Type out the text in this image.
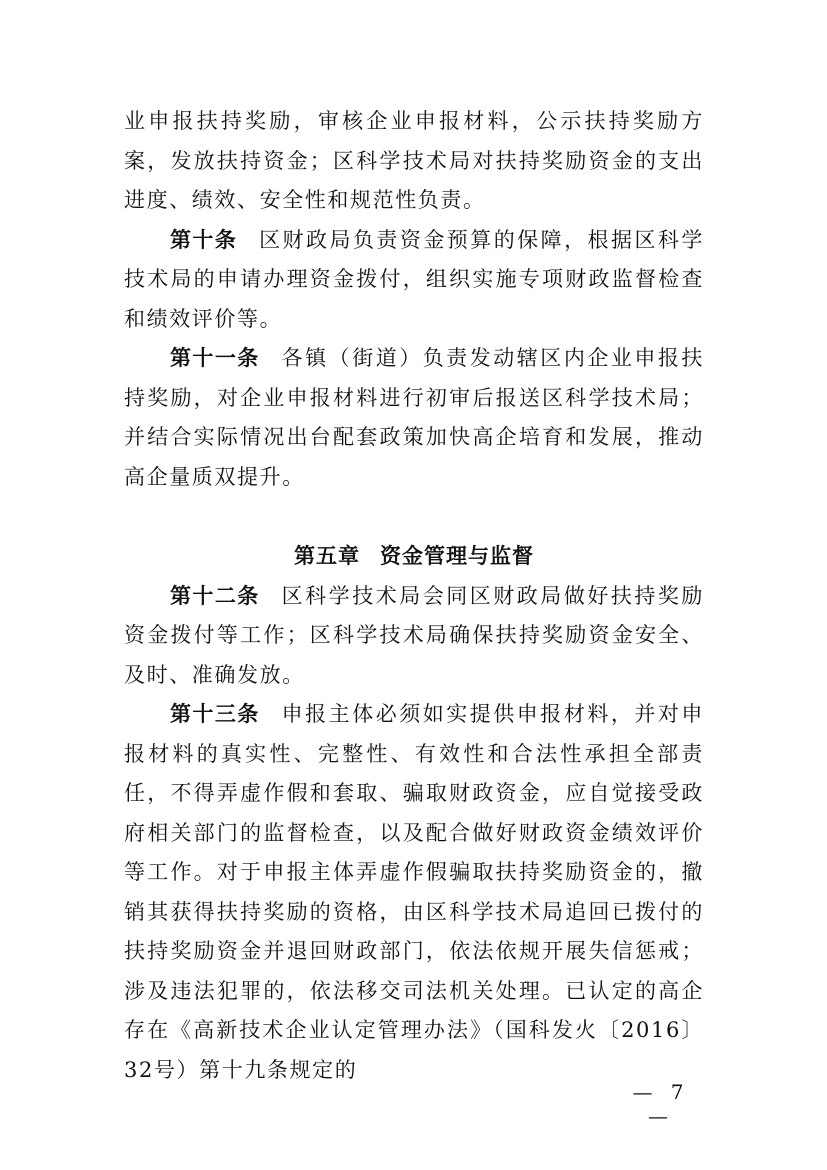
业申报扶持奖励，审核企业申报材料，公示扶持奖励方案，发放扶持资金；区科学技术局对扶持奖励资金的支出进度、绩效、安全性和规范性负责。

第十条 区财政局负责资金预算的保障，根据区科学技术局的申请办理资金拨付，组织实施专项财政监督检查和绩效评价等。

第十一条 各镇（街道）负责发动辖区内企业申报扶持奖励，对企业申报材料进行初审后报送区科学技术局；并结合实际情况出台配套政策加快高企培育和发展，推动高企量质双提升。

第五章 资金管理与监督

第十二条 区科学技术局会同区财政局做好扶持奖励资金拨付等工作；区科学技术局确保扶持奖励资金安全、及时、准确发放。

第十三条 申报主体必须如实提供申报材料，并对申报材料的真实性、完整性、有效性和合法性承担全部责任，不得弄虚作假和套取、骗取财政资金，应自觉接受政府相关部门的监督检查，以及配合做好财政资金绩效评价等工作。对于申报主体弄虚作假骗取扶持奖励资金的，撤销其获得扶持奖励的资格，由区科学技术局追回已拨付的扶持奖励资金并退回财政部门，依法依规开展失信惩戒；涉及违法犯罪的，依法移交司法机关处理。已认定的高企存在《高新技术企业认定管理办法》（国科发火〔2016〕32号）第十九条规定的

— 7 —
